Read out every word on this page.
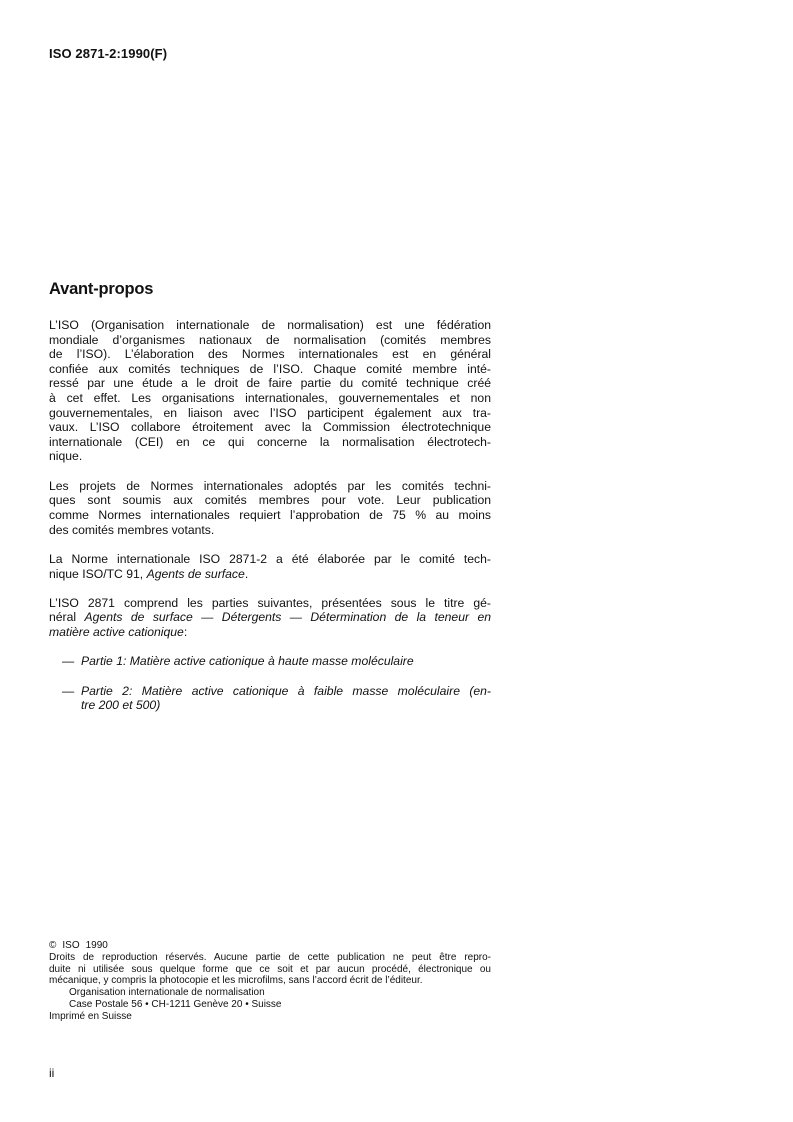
ISO 2871-2:1990(F)
Avant-propos

L’ISO (Organisation internationale de normalisation) est une fédération
mondiale d’organismes nationaux de normalisation (comités membres
de l’ISO). L’élaboration des Normes internationales est en général
confiée aux comités techniques de l’ISO. Chaque comité membre inté-
ressé par une étude a le droit de faire partie du comité technique créé
à cet effet. Les organisations internationales, gouvernementales et non
gouvernementales, en liaison avec l’ISO participent également aux tra-
vaux. L’ISO collabore étroitement avec la Commission électrotechnique
internationale (CEI) en ce qui concerne la normalisation électrotech-
nique.

Les projets de Normes internationales adoptés par les comités techni-
ques sont soumis aux comités membres pour vote. Leur publication
comme Normes internationales requiert l’approbation de 75 % au moins
des comités membres votants.

La Norme internationale ISO 2871-2 a été élaborée par le comité tech-
nique ISO/TC 91, Agents de surface.

L’ISO 2871 comprend les parties suivantes, présentées sous le titre gé-
néral Agents de surface — Détergents — Détermination de la teneur en
matière active cationique:

— Partie 1: Matière active cationique à haute masse moléculaire
— Partie 2: Matière active cationique à faible masse moléculaire (en-
tre 200 et 500)
© ISO 1990
Droits de reproduction réservés. Aucune partie de cette publication ne peut être repro-
duite ni utilisée sous quelque forme que ce soit et par aucun procédé, électronique ou
mécanique, y compris la photocopie et les microfilms, sans l’accord écrit de l’éditeur.
Organisation internationale de normalisation
Case Postale 56 • CH-1211 Genève 20 • Suisse
Imprimé en Suisse
ii
